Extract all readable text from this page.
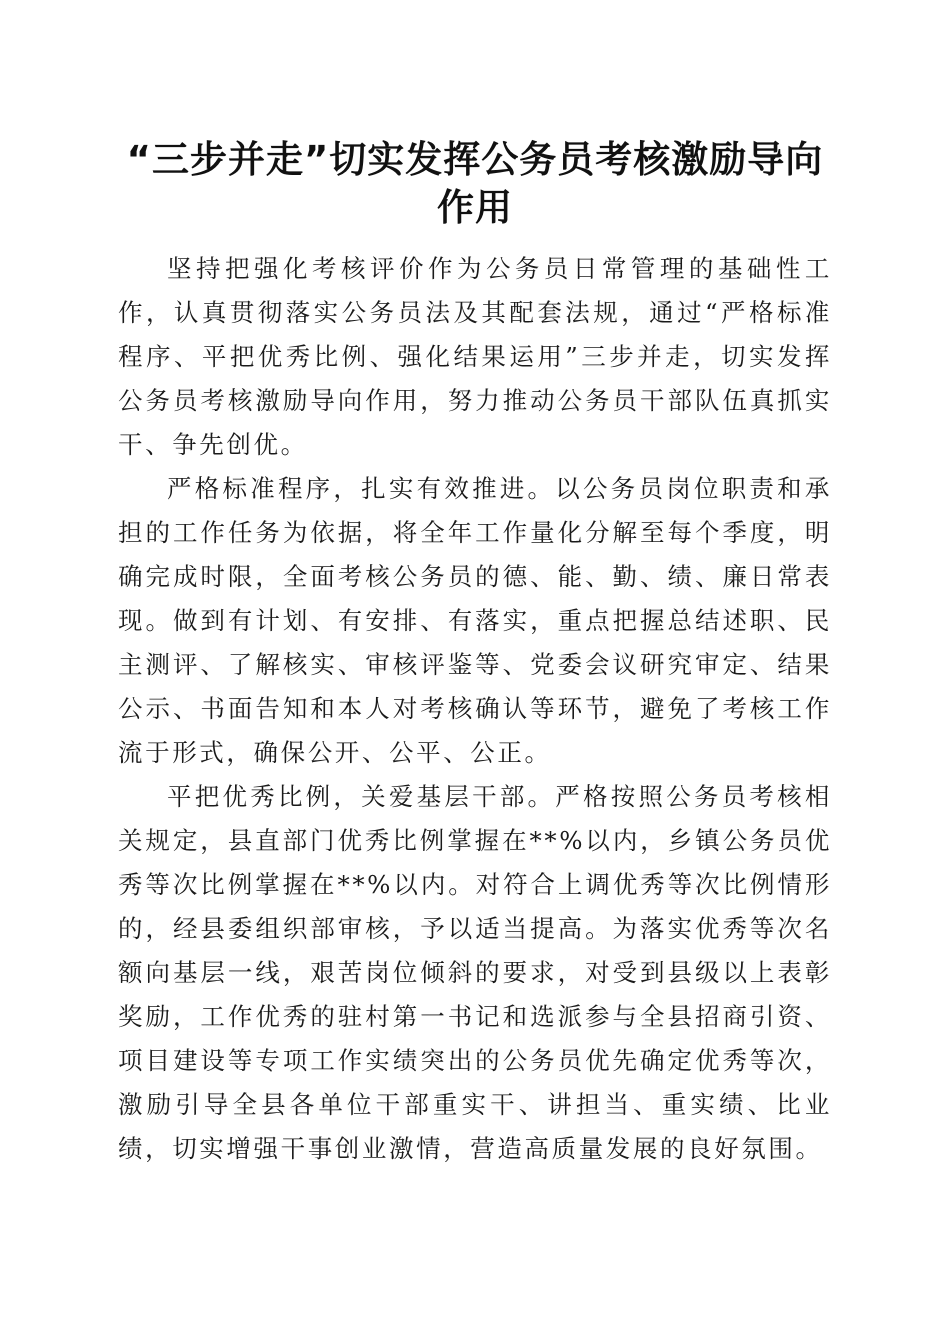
“三步并走”切实发挥公务员考核激励导向作用

坚持把强化考核评价作为公务员日常管理的基础性工作，认真贯彻落实公务员法及其配套法规，通过“严格标准程序、平把优秀比例、强化结果运用”三步并走，切实发挥公务员考核激励导向作用，努力推动公务员干部队伍真抓实干、争先创优。

严格标准程序，扎实有效推进。以公务员岗位职责和承担的工作任务为依据，将全年工作量化分解至每个季度，明确完成时限，全面考核公务员的德、能、勤、绩、廉日常表现。做到有计划、有安排、有落实，重点把握总结述职、民主测评、了解核实、审核评鉴等、党委会议研究审定、结果公示、书面告知和本人对考核确认等环节，避免了考核工作流于形式，确保公开、公平、公正。

平把优秀比例，关爱基层干部。严格按照公务员考核相关规定，县直部门优秀比例掌握在**%以内，乡镇公务员优秀等次比例掌握在**%以内。对符合上调优秀等次比例情形的，经县委组织部审核，予以适当提高。为落实优秀等次名额向基层一线，艰苦岗位倾斜的要求，对受到县级以上表彰奖励，工作优秀的驻村第一书记和选派参与全县招商引资、项目建设等专项工作实绩突出的公务员优先确定优秀等次，激励引导全县各单位干部重实干、讲担当、重实绩、比业绩，切实增强干事创业激情，营造高质量发展的良好氛围。
